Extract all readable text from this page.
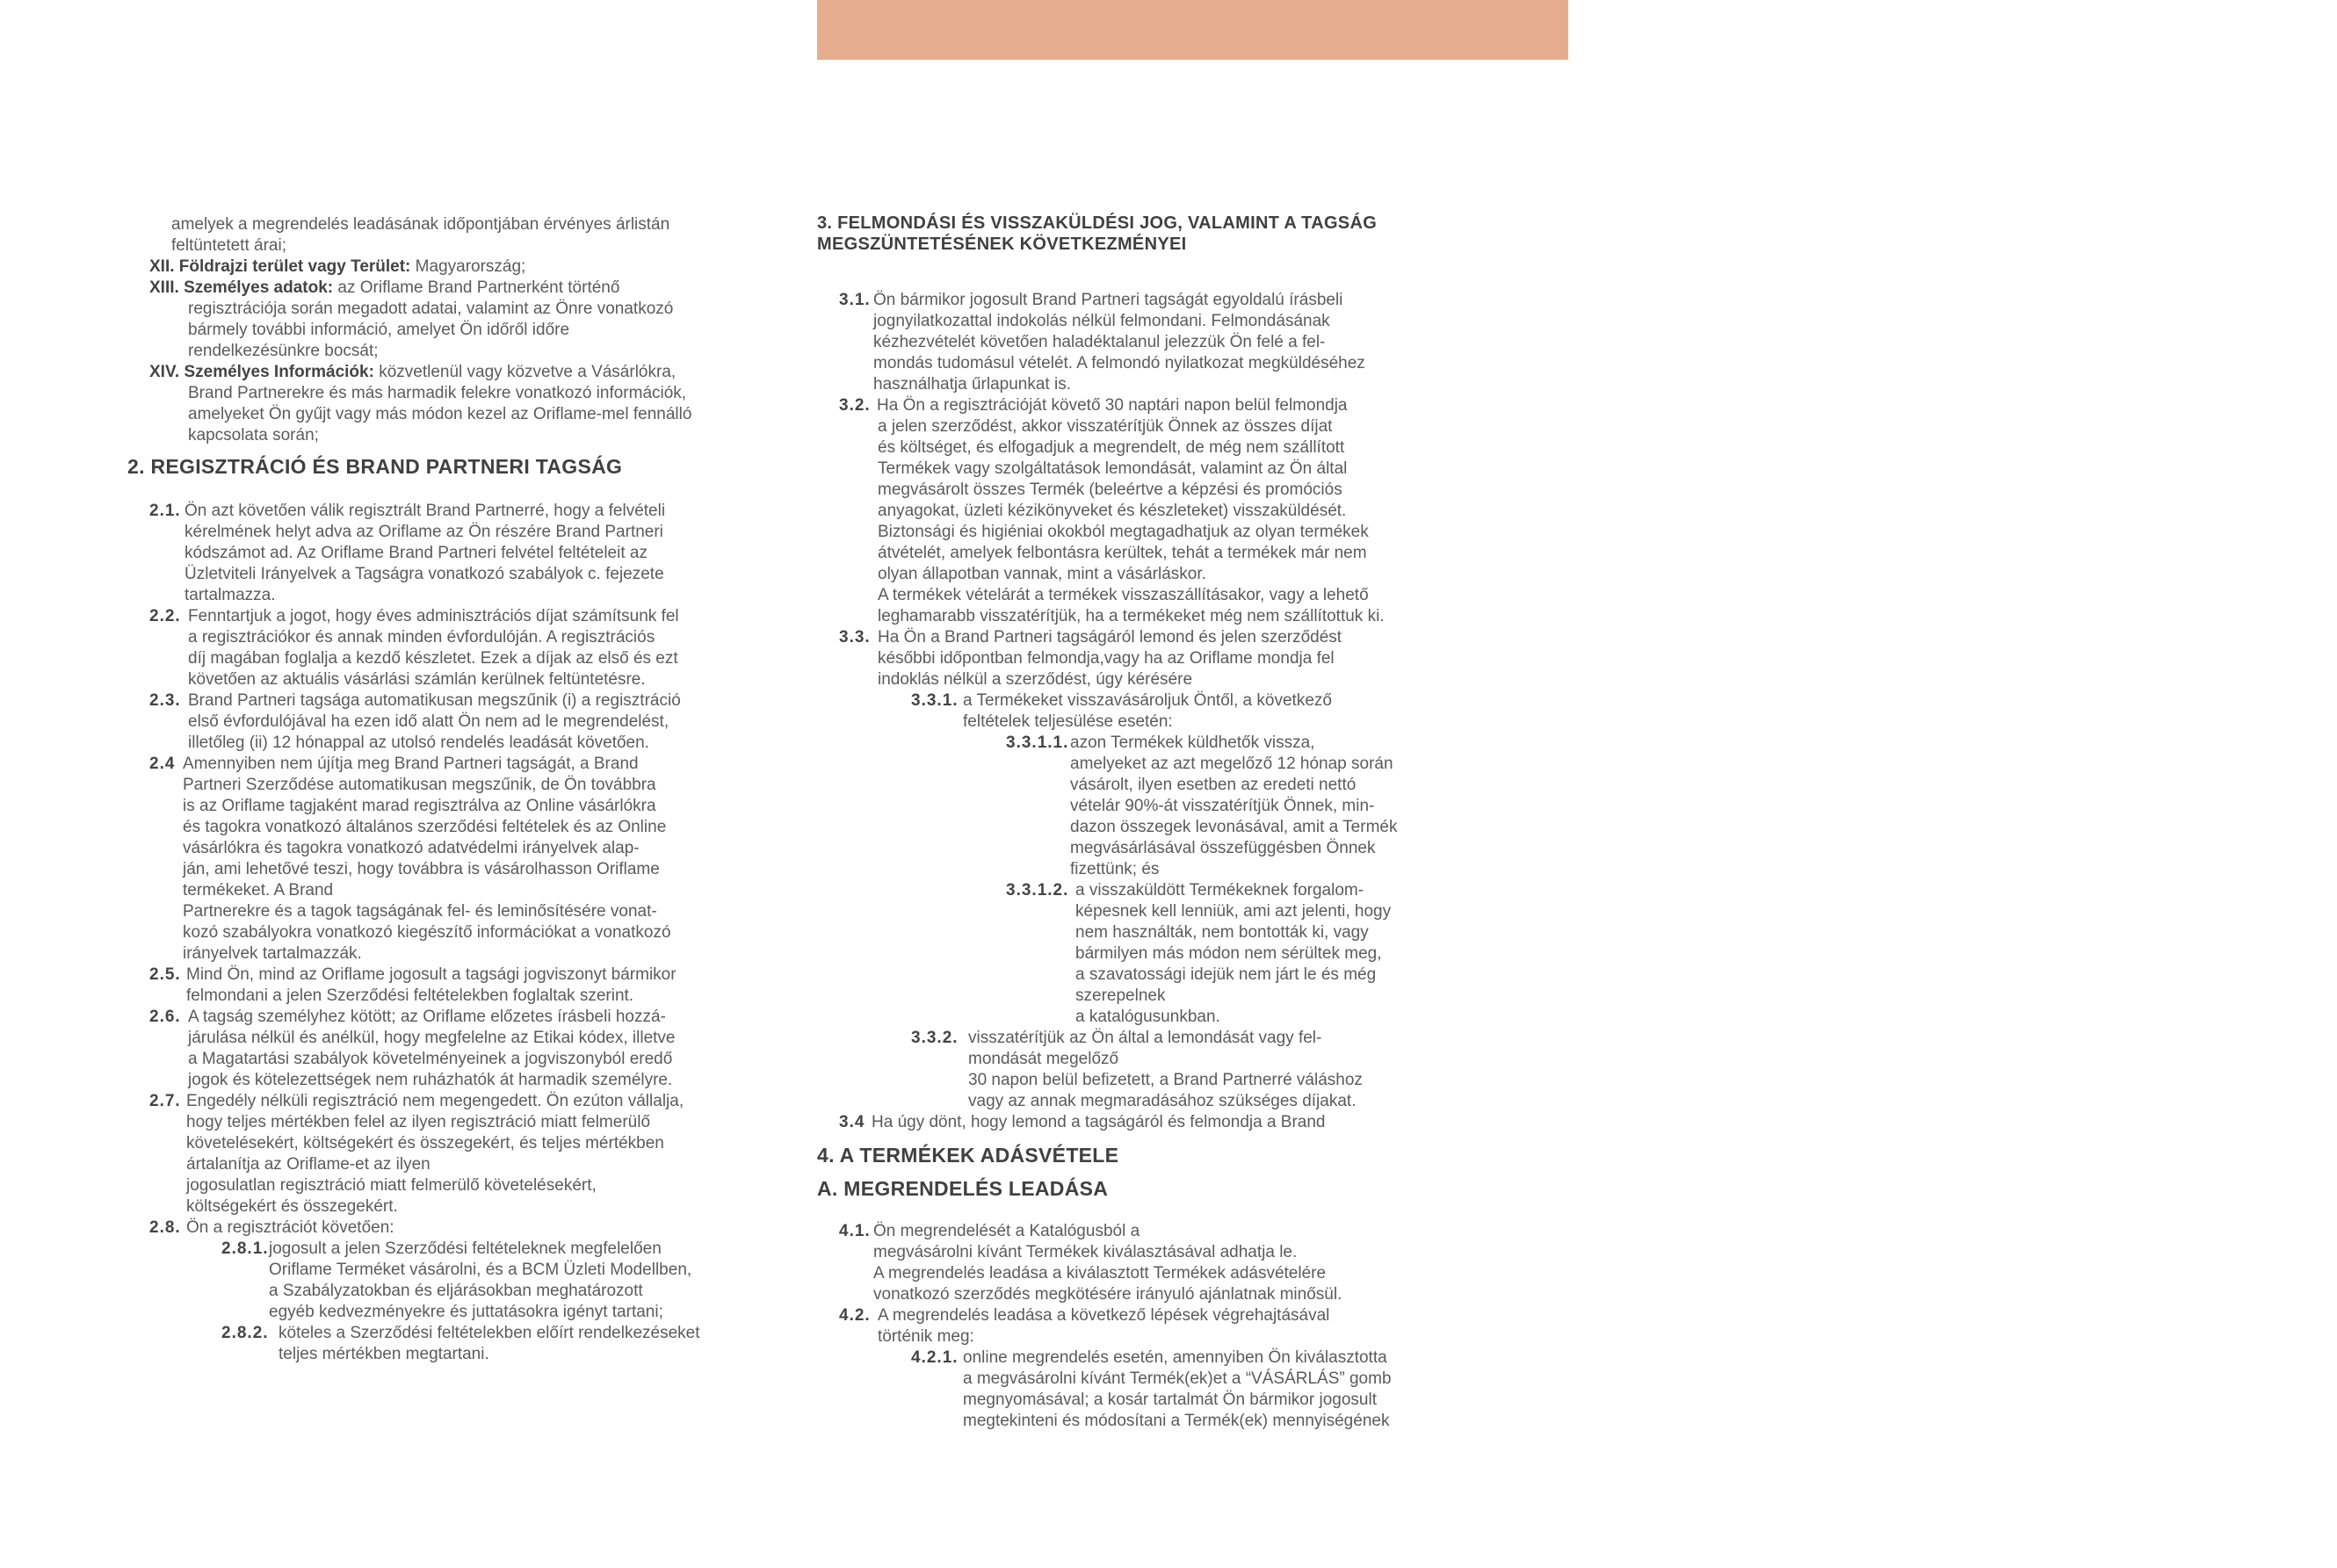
BRAND PARTNER JUTALOMTERV KÖNYVTÁR	115
amelyek a megrendelés leadásának időpontjában érvényes árlistán
feltüntetett árai;
XII. Földrajzi terület vagy Terület: Magyarország;
XIII. Személyes adatok: az Oriflame Brand Partnerként történő
regisztrációja során megadott adatai, valamint az Önre vonatkozó
bármely további információ, amelyet Ön időről időre
rendelkezésünkre bocsát;
XIV. Személyes Információk: közvetlenül vagy közvetve a Vásárlókra,
Brand Partnerekre és más harmadik felekre vonatkozó információk,
amelyeket Ön gyűjt vagy más módon kezel az Oriflame-mel fennálló
kapcsolata során;
2. REGISZTRÁCIÓ ÉS BRAND PARTNERI TAGSÁG
2.1. Ön azt követően válik regisztrált Brand Partnerré, hogy a felvételi
kérelmének helyt adva az Oriflame az Ön részére Brand Partneri
kódszámot ad. Az Oriflame Brand Partneri felvétel feltételeit az
Üzletviteli Irányelvek a Tagságra vonatkozó szabályok c. fejezete
tartalmazza.
2.2. Fenntartjuk a jogot, hogy éves adminisztrációs díjat számítsunk fel
a regisztrációkor és annak minden évfordulóján. A regisztrációs
díj magában foglalja a kezdő készletet. Ezek a díjak az első és ezt
követően az aktuális vásárlási számlán kerülnek feltüntetésre.
2.3. Brand Partneri tagsága automatikusan megszűnik (i) a regisztráció
első évfordulójával ha ezen idő alatt Ön nem ad le megrendelést,
illetőleg (ii) 12 hónappal az utolsó rendelés leadását követően.
2.4 Amennyiben nem újítja meg Brand Partneri tagságát, a Brand
Partneri Szerződése automatikusan megszűnik, de Ön továbbra
is az Oriflame tagjaként marad regisztrálva az Online vásárlókra
és tagokra vonatkozó általános szerződési feltételek és az Online
vásárlókra és tagokra vonatkozó adatvédelmi irányelvek alap-
ján, ami lehetővé teszi, hogy továbbra is vásárolhasson Oriflame
termékeket. A Brand
Partnerekre és a tagok tagságának fel- és leminősítésére vonat-
kozó szabályokra vonatkozó kiegészítő információkat a vonatkozó
irányelvek tartalmazzák.
2.5. Mind Ön, mind az Oriflame jogosult a tagsági jogviszonyt bármikor
felmondani a jelen Szerződési feltételekben foglaltak szerint.
2.6. A tagság személyhez kötött; az Oriflame előzetes írásbeli hozzá-
járulása nélkül és anélkül, hogy megfelelne az Etikai kódex, illetve
a Magatartási szabályok követelményeinek a jogviszonyból eredő
jogok és kötelezettségek nem ruházhatók át harmadik személyre.
2.7. Engedély nélküli regisztráció nem megengedett. Ön ezúton vállalja,
hogy teljes mértékben felel az ilyen regisztráció miatt felmerülő
követelésekért, költségekért és összegekért, és teljes mértékben
ártalanítja az Oriflame-et az ilyen
jogosulatlan regisztráció miatt felmerülő követelésekért,
költségekért és összegekért.
2.8. Ön a regisztrációt követően:
2.8.1. jogosult a jelen Szerződési feltételeknek megfelelően
Oriflame Terméket vásárolni, és a BCM Üzleti Modellben,
a Szabályzatokban és eljárásokban meghatározott
egyéb kedvezményekre és juttatásokra igényt tartani;
2.8.2. köteles a Szerződési feltételekben előírt rendelkezéseket
teljes mértékben megtartani.
3. FELMONDÁSI ÉS VISSZAKÜLDÉSI JOG, VALAMINT A TAGSÁG
MEGSZÜNTETÉSÉNEK KÖVETKEZMÉNYEI
3.1. Ön bármikor jogosult Brand Partneri tagságát egyoldalú írásbeli
jognyilatkozattal indokolás nélkül felmondani. Felmondásának
kézhezvételét követően haladéktalanul jelezzük Ön felé a fel-
mondás tudomásul vételét. A felmondó nyilatkozat megküldéséhez
használhatja űrlapunkat is.
3.2. Ha Ön a regisztrációját követő 30 naptári napon belül felmondja
a jelen szerződést, akkor visszatérítjük Önnek az összes díjat
és költséget, és elfogadjuk a megrendelt, de még nem szállított
Termékek vagy szolgáltatások lemondását, valamint az Ön által
megvásárolt összes Termék (beleértve a képzési és promóciós
anyagokat, üzleti kézikönyveket és készleteket) visszaküldését.
Biztonsági és higiéniai okokból megtagadhatjuk az olyan termékek
átvételét, amelyek felbontásra kerültek, tehát a termékek már nem
olyan állapotban vannak, mint a vásárláskor.
A termékek vételárát a termékek visszaszállításakor, vagy a lehető
leghamarabb visszatérítjük, ha a termékeket még nem szállítottuk ki.
3.3. Ha Ön a Brand Partneri tagságáról lemond és jelen szerződést
későbbi időpontban felmondja,vagy ha az Oriflame mondja fel
indoklás nélkül a szerződést, úgy kérésére
3.3.1. a Termékeket visszavásároljuk Öntől, a következő
feltételek teljesülése esetén:
3.3.1.1. azon Termékek küldhetők vissza,
amelyeket az azt megelőző 12 hónap során
vásárolt, ilyen esetben az eredeti nettó
vételár 90%-át visszatérítjük Önnek, min-
dazon összegek levonásával, amit a Termék
megvásárlásával összefüggésben Önnek
fizettünk; és
3.3.1.2. a visszaküldött Termékeknek forgalom-
képesnek kell lenniük, ami azt jelenti, hogy
nem használták, nem bontották ki, vagy
bármilyen más módon nem sérültek meg,
a szavatossági idejük nem járt le és még
szerepelnek
a katalógusunkban.
3.3.2. visszatérítjük az Ön által a lemondását vagy fel-
mondását megelőző
30 napon belül befizetett, a Brand Partnerré váláshoz
vagy az annak megmaradásához szükséges díjakat.
3.4 Ha úgy dönt, hogy lemond a tagságáról és felmondja a Brand
4. A TERMÉKEK ADÁSVÉTELE
A. MEGRENDELÉS LEADÁSA
4.1. Ön megrendelését a Katalógusból a
megvásárolni kívánt Termékek kiválasztásával adhatja le.
A megrendelés leadása a kiválasztott Termékek adásvételére
vonatkozó szerződés megkötésére irányuló ajánlatnak minősül.
4.2. A megrendelés leadása a következő lépések végrehajtásával
történik meg:
4.2.1. online megrendelés esetén, amennyiben Ön kiválasztotta
a megvásárolni kívánt Termék(ek)et a “VÁSÁRLÁS” gomb
megnyomásával; a kosár tartalmát Ön bármikor jogosult
megtekinteni és módosítani a Termék(ek) mennyiségének
